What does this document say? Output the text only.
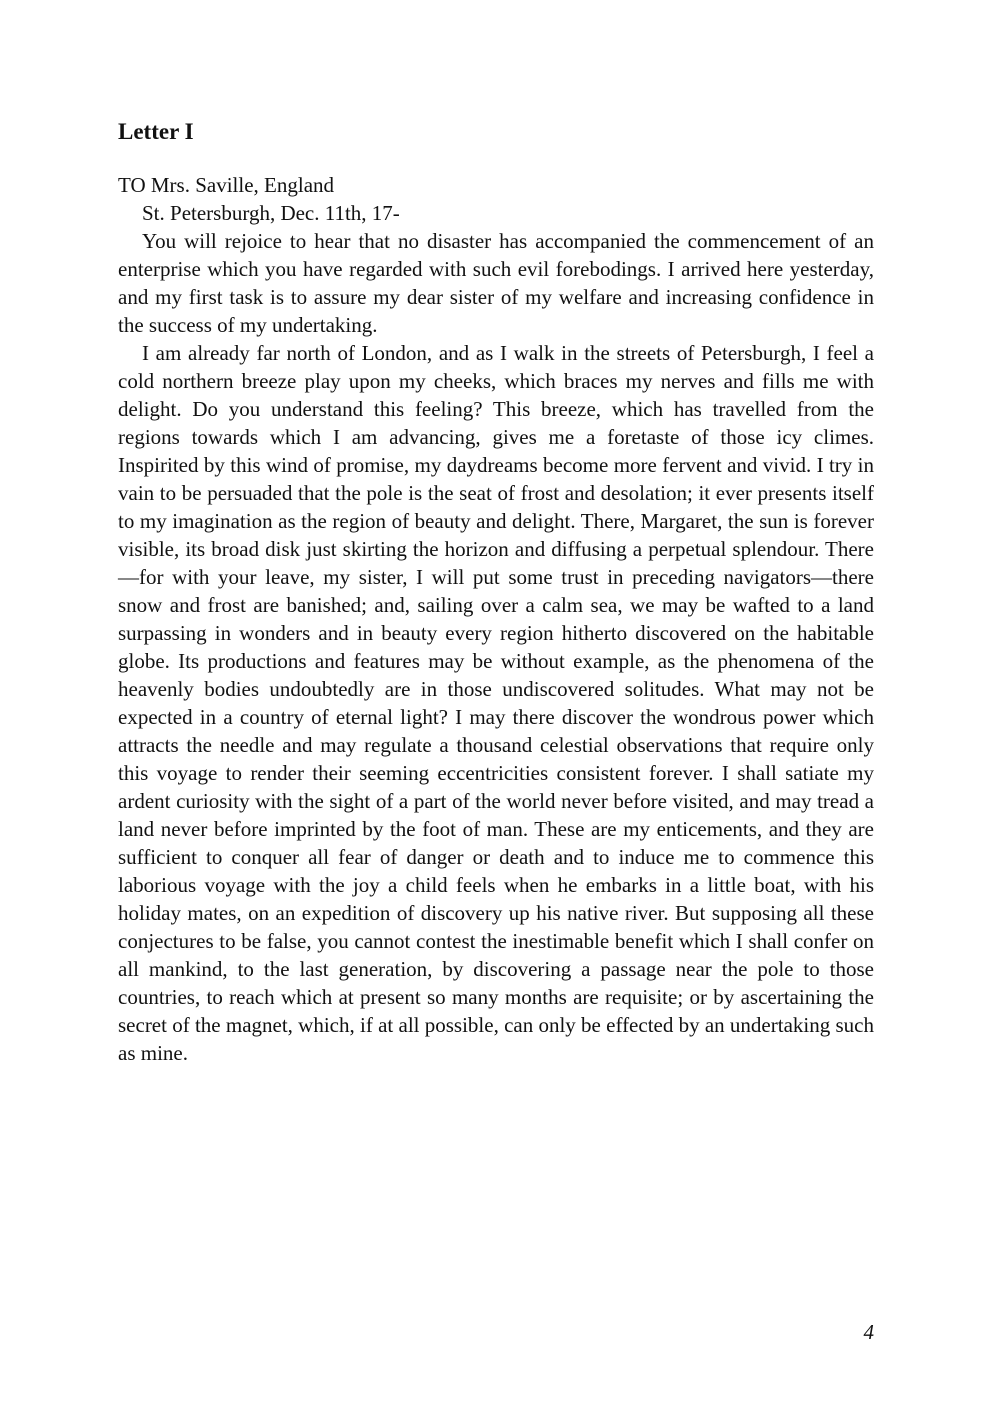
Letter I

TO Mrs. Saville, England

St. Petersburgh, Dec. 11th, 17-

You will rejoice to hear that no disaster has accompanied the commencement of an enterprise which you have regarded with such evil forebodings. I arrived here yesterday, and my first task is to assure my dear sister of my welfare and increasing confidence in the success of my undertaking.

I am already far north of London, and as I walk in the streets of Petersburgh, I feel a cold northern breeze play upon my cheeks, which braces my nerves and fills me with delight. Do you understand this feeling? This breeze, which has travelled from the regions towards which I am advancing, gives me a foretaste of those icy climes. Inspirited by this wind of promise, my daydreams become more fervent and vivid. I try in vain to be persuaded that the pole is the seat of frost and desolation; it ever presents itself to my imagination as the region of beauty and delight. There, Margaret, the sun is forever visible, its broad disk just skirting the horizon and diffusing a perpetual splendour. There—for with your leave, my sister, I will put some trust in preceding navigators—there snow and frost are banished; and, sailing over a calm sea, we may be wafted to a land surpassing in wonders and in beauty every region hitherto discovered on the habitable globe. Its productions and features may be without example, as the phenomena of the heavenly bodies undoubtedly are in those undiscovered solitudes. What may not be expected in a country of eternal light? I may there discover the wondrous power which attracts the needle and may regulate a thousand celestial observations that require only this voyage to render their seeming eccentricities consistent forever. I shall satiate my ardent curiosity with the sight of a part of the world never before visited, and may tread a land never before imprinted by the foot of man. These are my enticements, and they are sufficient to conquer all fear of danger or death and to induce me to commence this laborious voyage with the joy a child feels when he embarks in a little boat, with his holiday mates, on an expedition of discovery up his native river. But supposing all these conjectures to be false, you cannot contest the inestimable benefit which I shall confer on all mankind, to the last generation, by discovering a passage near the pole to those countries, to reach which at present so many months are requisite; or by ascertaining the secret of the magnet, which, if at all possible, can only be effected by an undertaking such as mine.

4
